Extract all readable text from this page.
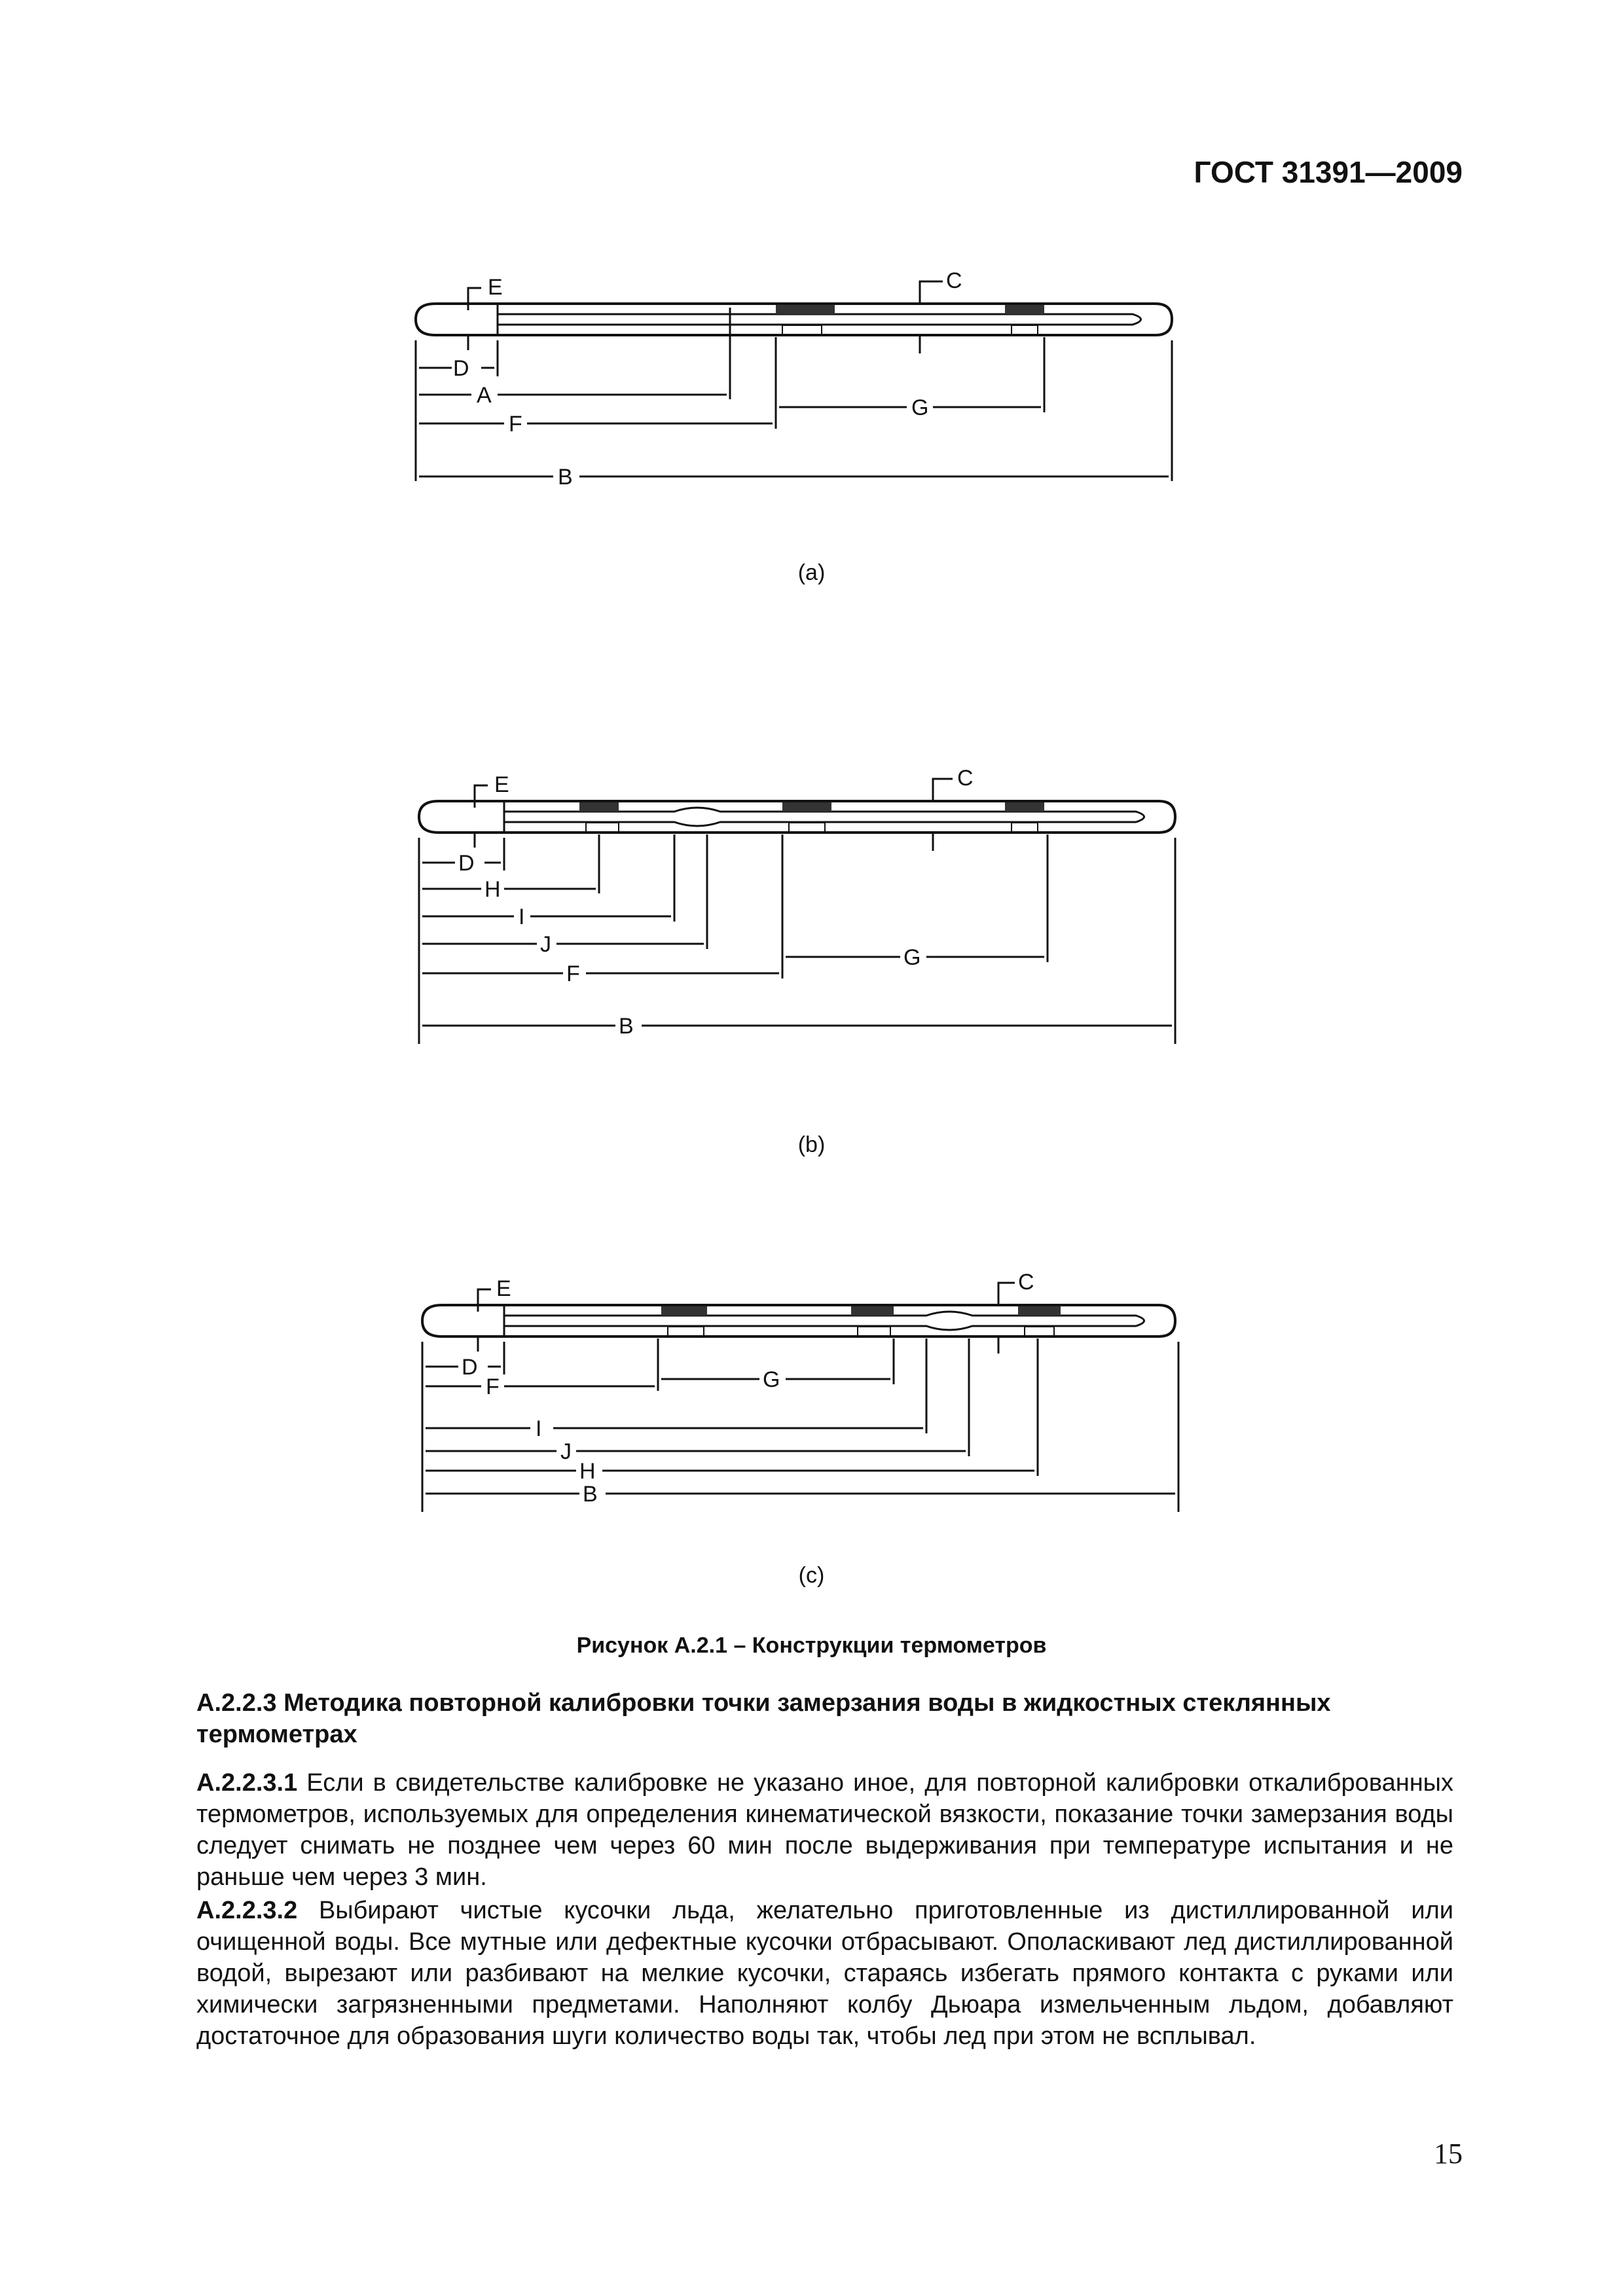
ГОСТ 31391—2009
E	C
D
A	G
F
B
(a)
E	C
D
H
I
J
G
F
B
(b)
E	C
D	G
F
I
J
H
B
(c)
Рисунок А.2.1 – Конструкции термометров
А.2.2.3 Методика повторной калибровки точки замерзания воды в жидкостных стеклянных термометрах
А.2.2.3.1 Если в свидетельстве калибровке не указано иное, для повторной калибровки откалиброванных термометров, используемых для определения кинематической вязкости, показание точки замерзания воды следует снимать не позднее чем через 60 мин после выдерживания при температуре испытания и не раньше чем через 3 мин.
А.2.2.3.2 Выбирают чистые кусочки льда, желательно приготовленные из дистиллированной или очищенной воды. Все мутные или дефектные кусочки отбрасывают. Ополаскивают лед дистиллированной водой, вырезают или разбивают на мелкие кусочки, стараясь избегать прямого контакта с руками или химически загрязненными предметами. Наполняют колбу Дьюара измельченным льдом, добавляют достаточное для образования шуги количество воды так, чтобы лед при этом не всплывал.
15
